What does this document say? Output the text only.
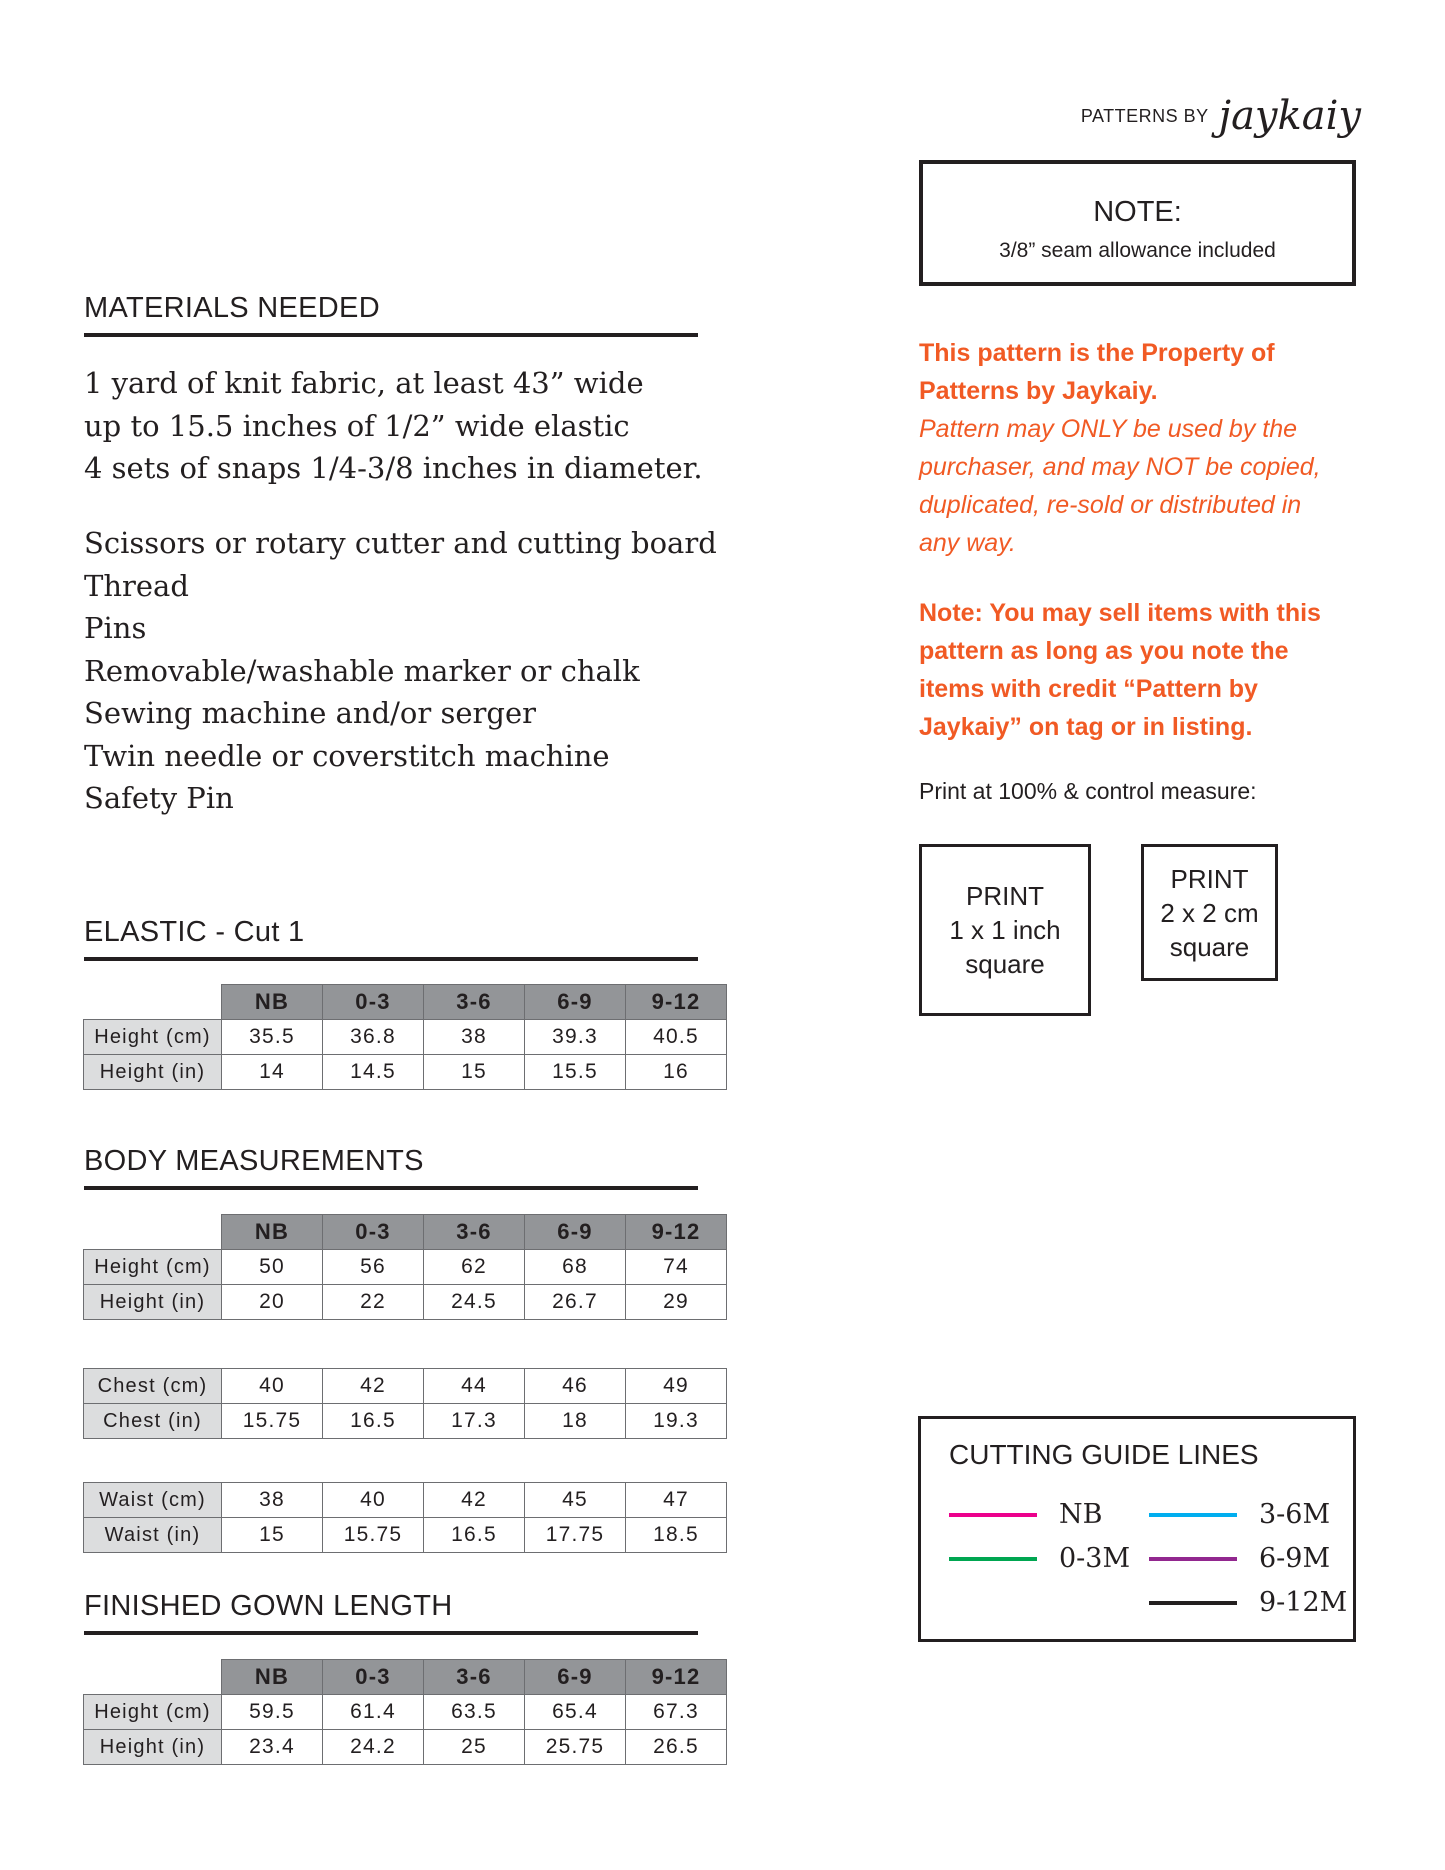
PATTERNS BY jaykaiy
NOTE:
3/8” seam allowance included
MATERIALS NEEDED
1 yard of knit fabric, at least 43” wide
up to 15.5 inches of 1/2” wide elastic
4 sets of snaps 1/4-3/8 inches in diameter.
Scissors or rotary cutter and cutting board
Thread
Pins
Removable/washable marker or chalk
Sewing machine and/or serger
Twin needle or coverstitch machine
Safety Pin
This pattern is the Property of
Patterns by Jaykaiy.
Pattern may ONLY be used by the
purchaser, and may NOT be copied,
duplicated, re-sold or distributed in
any way.
Note: You may sell items with this
pattern as long as you note the
items with credit “Pattern by
Jaykaiy” on tag or in listing.
Print at 100% & control measure:
PRINT
1 x 1 inch
square
PRINT
2 x 2 cm
square
ELASTIC - Cut 1
	NB	0-3	3-6	6-9	9-12
Height (cm)	35.5	36.8	38	39.3	40.5
Height (in)	14	14.5	15	15.5	16
BODY MEASUREMENTS
	NB	0-3	3-6	6-9	9-12
Height (cm)	50	56	62	68	74
Height (in)	20	22	24.5	26.7	29
Chest (cm)	40	42	44	46	49
Chest (in)	15.75	16.5	17.3	18	19.3
Waist (cm)	38	40	42	45	47
Waist (in)	15	15.75	16.5	17.75	18.5
FINISHED GOWN LENGTH
	NB	0-3	3-6	6-9	9-12
Height (cm)	59.5	61.4	63.5	65.4	67.3
Height (in)	23.4	24.2	25	25.75	26.5
CUTTING GUIDE LINES
NB
0-3M
3-6M
6-9M
9-12M
